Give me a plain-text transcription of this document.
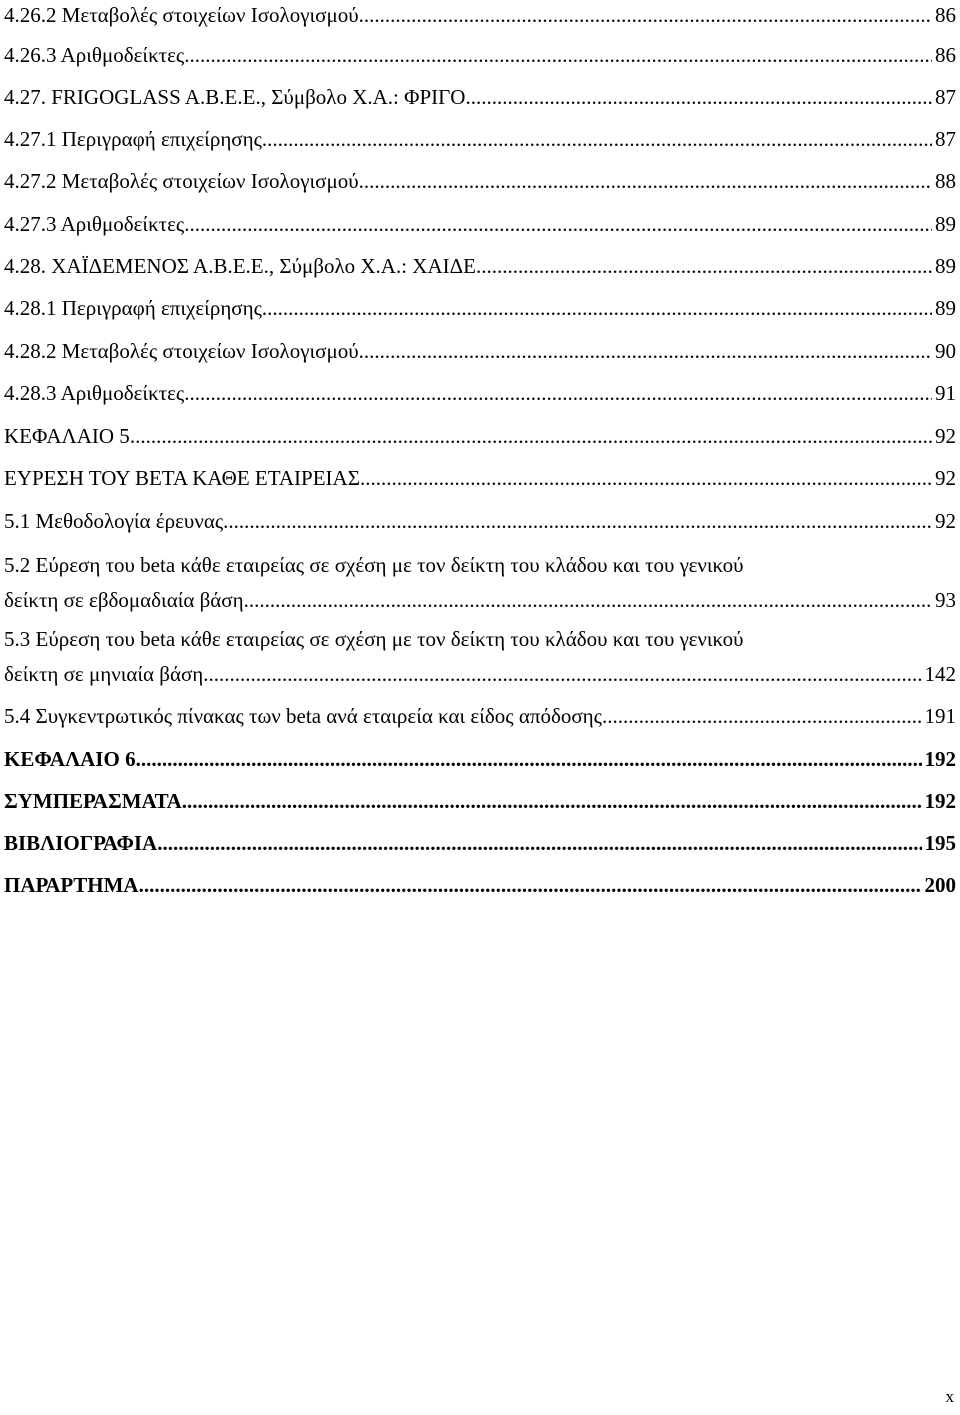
4.26.2 Μεταβολές στοιχείων Ισολογισμού .....	86
4.26.3 Αριθμοδείκτες .....	86
4.27. FRIGOGLASS A.B.E.E., Σύμβολο Χ.Α.: ΦΡΙΓΟ .....	87
4.27.1 Περιγραφή επιχείρησης .....	87
4.27.2 Μεταβολές στοιχείων Ισολογισμού .....	88
4.27.3 Αριθμοδείκτες .....	89
4.28. ΧΑΪΔΕΜΕΝΟΣ Α.Β.Ε.Ε., Σύμβολο Χ.Α.: ΧΑΙΔΕ .....	89
4.28.1 Περιγραφή επιχείρησης .....	89
4.28.2 Μεταβολές στοιχείων Ισολογισμού .....	90
4.28.3 Αριθμοδείκτες .....	91
ΚΕΦΑΛΑΙΟ 5 .....	92
ΕΥΡΕΣΗ ΤΟΥ ΒΕΤΑ ΚΑΘΕ ΕΤΑΙΡΕΙΑΣ .....	92
5.1 Μεθοδολογία έρευνας .....	92
5.2 Εύρεση του beta κάθε εταιρείας σε σχέση με τον δείκτη του κλάδου και του γενικού
δείκτη σε εβδομαδιαία βάση .....	93
5.3 Εύρεση του beta κάθε εταιρείας σε σχέση με τον δείκτη του κλάδου και του γενικού
δείκτη σε μηνιαία βάση .....	142
5.4 Συγκεντρωτικός πίνακας των beta ανά εταιρεία και είδος απόδοσης .....	191
ΚΕΦΑΛΑΙΟ 6 .....	192
ΣΥΜΠΕΡΑΣΜΑΤΑ .....	192
ΒΙΒΛΙΟΓΡΑΦΙΑ .....	195
ΠΑΡΑΡΤΗΜΑ .....	200
x
